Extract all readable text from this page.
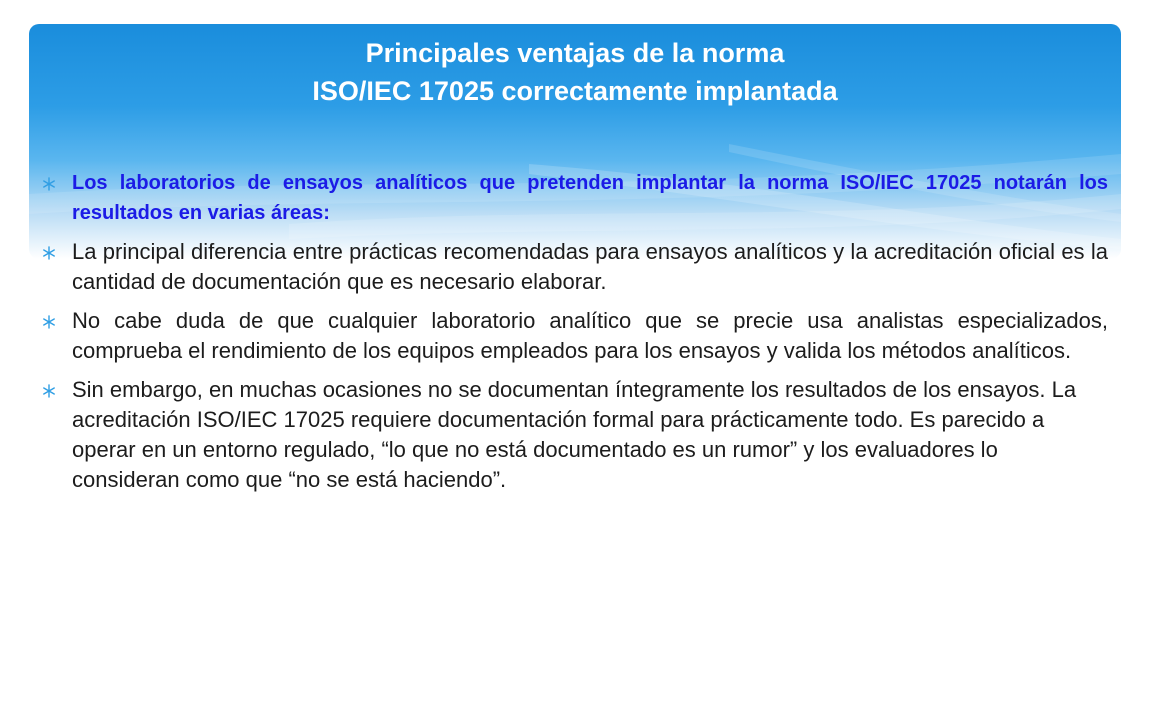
Principales ventajas de la norma
ISO/IEC 17025 correctamente implantada
Los laboratorios de ensayos analíticos que pretenden implantar la norma ISO/IEC 17025 notarán los resultados en varias áreas:
La principal diferencia entre prácticas recomendadas para ensayos analíticos y la acreditación oficial es la cantidad de documentación que es necesario elaborar.
No cabe duda de que cualquier laboratorio analítico que se precie usa analistas especializados, comprueba el rendimiento de los equipos empleados para los ensayos y valida los métodos analíticos.
Sin embargo, en muchas ocasiones no se documentan íntegramente los resultados de los ensayos. La acreditación ISO/IEC 17025 requiere documentación formal para prácticamente todo. Es parecido a operar en un entorno regulado, “lo que no está documentado es un rumor” y los evaluadores lo consideran como que “no se está haciendo”.
